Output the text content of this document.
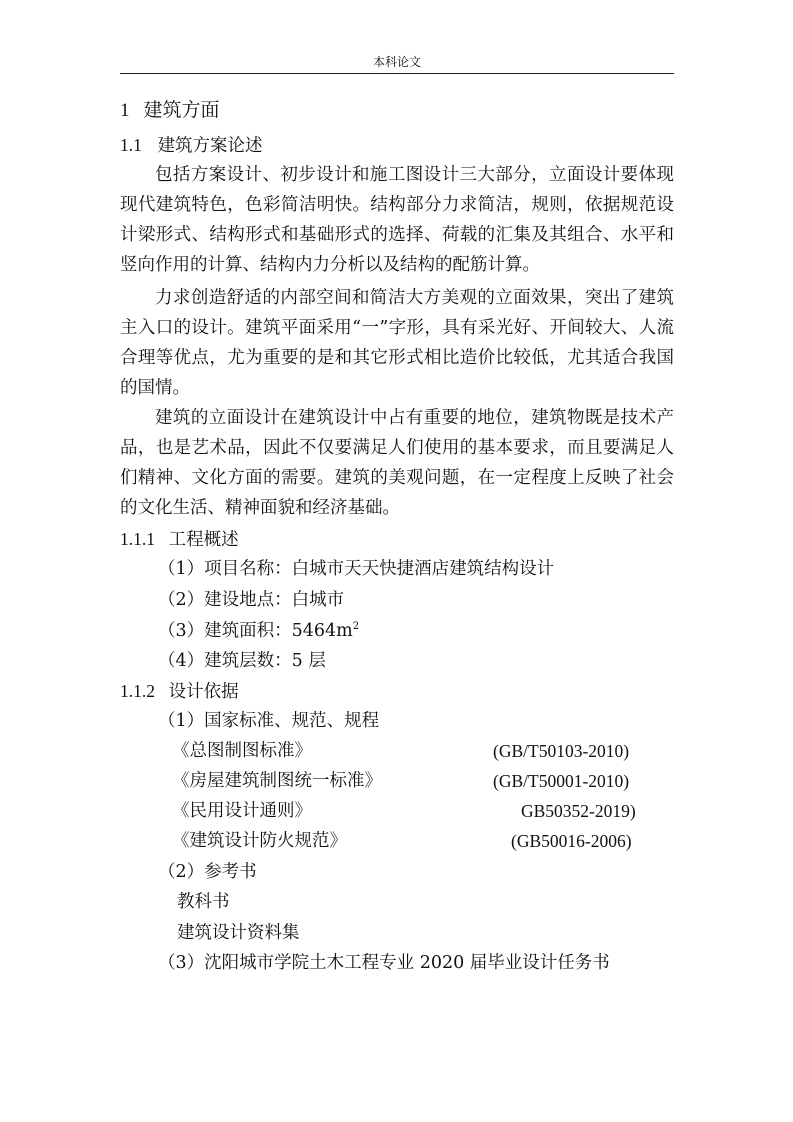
本科论文
1 建筑方面
1.1 建筑方案论述
包括方案设计、初步设计和施工图设计三大部分，立面设计要体现现代建筑特色，色彩简洁明快。结构部分力求简洁，规则，依据规范设计梁形式、结构形式和基础形式的选择、荷载的汇集及其组合、水平和竖向作用的计算、结构内力分析以及结构的配筋计算。
力求创造舒适的内部空间和简洁大方美观的立面效果，突出了建筑主入口的设计。建筑平面采用“一”字形，具有采光好、开间较大、人流合理等优点，尤为重要的是和其它形式相比造价比较低，尤其适合我国的国情。
建筑的立面设计在建筑设计中占有重要的地位，建筑物既是技术产品，也是艺术品，因此不仅要满足人们使用的基本要求，而且要满足人们精神、文化方面的需要。建筑的美观问题，在一定程度上反映了社会的文化生活、精神面貌和经济基础。
1.1.1 工程概述
（1）项目名称：白城市天天快捷酒店建筑结构设计
（2）建设地点：白城市
（3）建筑面积：$5464m^2$
（4）建筑层数：5 层
1.1.2 设计依据
（1）国家标准、规范、规程
《总图制图标准》	(GB/T50103-2010)
《房屋建筑制图统一标准》	(GB/T50001-2010)
《民用设计通则》	GB50352-2019)
《建筑设计防火规范》	(GB50016-2006)
（2）参考书
教科书
建筑设计资料集
（3）沈阳城市学院土木工程专业 2020 届毕业设计任务书
